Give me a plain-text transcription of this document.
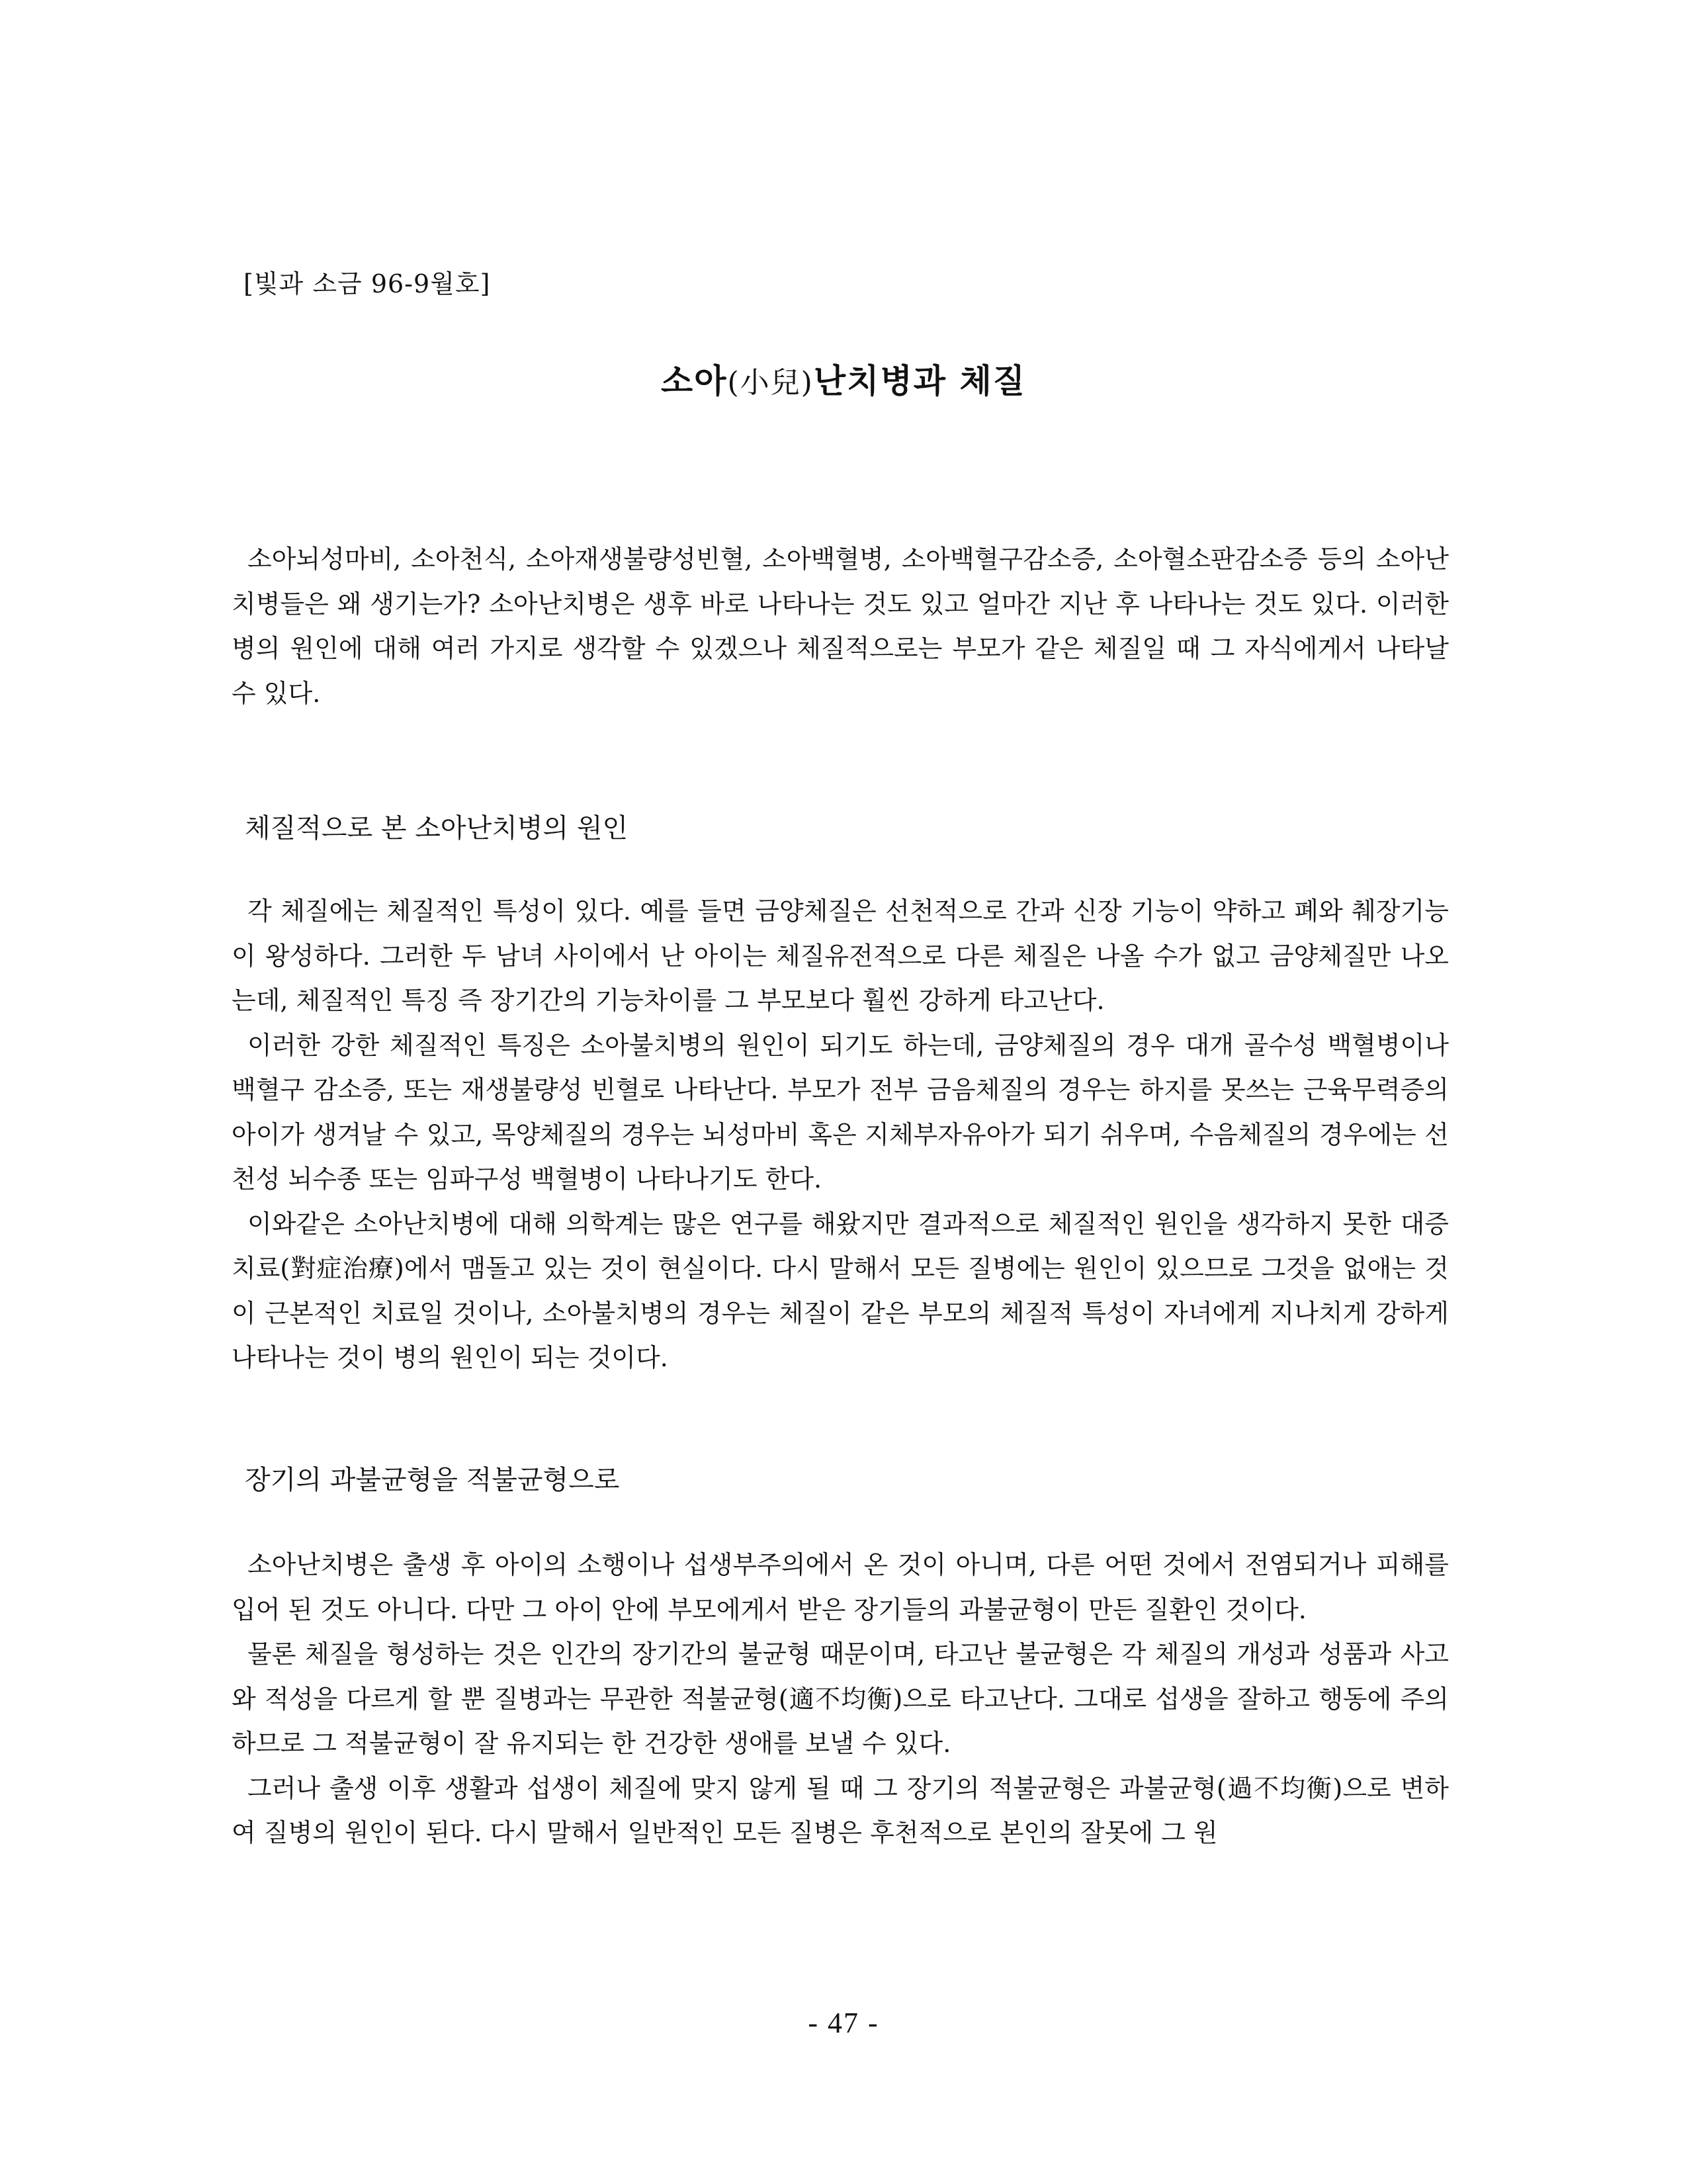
[빛과 소금 96-9월호]
소아(小兒)난치병과 체질

소아뇌성마비, 소아천식, 소아재생불량성빈혈, 소아백혈병, 소아백혈구감소증, 소아혈소판감소증 등의 소아난치병들은 왜 생기는가? 소아난치병은 생후 바로 나타나는 것도 있고 얼마간 지난 후 나타나는 것도 있다. 이러한 병의 원인에 대해 여러 가지로 생각할 수 있겠으나 체질적으로는 부모가 같은 체질일 때 그 자식에게서 나타날 수 있다.

체질적으로 본 소아난치병의 원인

각 체질에는 체질적인 특성이 있다. 예를 들면 금양체질은 선천적으로 간과 신장 기능이 약하고 폐와 췌장기능이 왕성하다. 그러한 두 남녀 사이에서 난 아이는 체질유전적으로 다른 체질은 나올 수가 없고 금양체질만 나오는데, 체질적인 특징 즉 장기간의 기능차이를 그 부모보다 훨씬 강하게 타고난다.

이러한 강한 체질적인 특징은 소아불치병의 원인이 되기도 하는데, 금양체질의 경우 대개 골수성 백혈병이나 백혈구 감소증, 또는 재생불량성 빈혈로 나타난다. 부모가 전부 금음체질의 경우는 하지를 못쓰는 근육무력증의 아이가 생겨날 수 있고, 목양체질의 경우는 뇌성마비 혹은 지체부자유아가 되기 쉬우며, 수음체질의 경우에는 선천성 뇌수종 또는 임파구성 백혈병이 나타나기도 한다.

이와같은 소아난치병에 대해 의학계는 많은 연구를 해왔지만 결과적으로 체질적인 원인을 생각하지 못한 대증치료(對症治療)에서 맴돌고 있는 것이 현실이다. 다시 말해서 모든 질병에는 원인이 있으므로 그것을 없애는 것이 근본적인 치료일 것이나, 소아불치병의 경우는 체질이 같은 부모의 체질적 특성이 자녀에게 지나치게 강하게 나타나는 것이 병의 원인이 되는 것이다.

장기의 과불균형을 적불균형으로

소아난치병은 출생 후 아이의 소행이나 섭생부주의에서 온 것이 아니며, 다른 어떤 것에서 전염되거나 피해를 입어 된 것도 아니다. 다만 그 아이 안에 부모에게서 받은 장기들의 과불균형이 만든 질환인 것이다.

물론 체질을 형성하는 것은 인간의 장기간의 불균형 때문이며, 타고난 불균형은 각 체질의 개성과 성품과 사고와 적성을 다르게 할 뿐 질병과는 무관한 적불균형(適不均衡)으로 타고난다. 그대로 섭생을 잘하고 행동에 주의하므로 그 적불균형이 잘 유지되는 한 건강한 생애를 보낼 수 있다.

그러나 출생 이후 생활과 섭생이 체질에 맞지 않게 될 때 그 장기의 적불균형은 과불균형(過不均衡)으로 변하여 질병의 원인이 된다. 다시 말해서 일반적인 모든 질병은 후천적으로 본인의 잘못에 그 원

- 47 -
